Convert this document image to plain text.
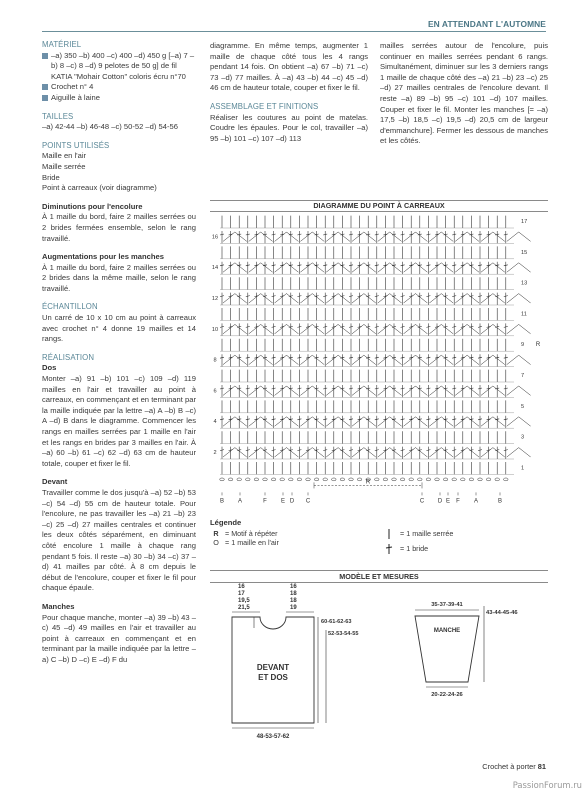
EN ATTENDANT L'AUTOMNE
MATÉRIEL
–a) 350 –b) 400 –c) 400 –d) 450 g [–a) 7 –b) 8 –c) 8 –d) 9 pelotes de 50 g] de fil KATIA "Mohair Cotton" coloris écru n°70
Crochet n° 4
Aiguille à laine
TAILLES
–a) 42-44 –b) 46-48 –c) 50-52 –d) 54-56
POINTS UTILISÉS
Maille en l'air
Maille serrée
Bride
Point à carreaux (voir diagramme)
Diminutions pour l'encolure

À 1 maille du bord, faire 2 mailles serrées ou 2 brides fermées ensemble, selon le rang travaillé.

Augmentations pour les manches

À 1 maille du bord, faire 2 mailles serrées ou 2 brides dans la même maille, selon le rang travaillé.

ÉCHANTILLON

Un carré de 10 x 10 cm au point à carreaux avec crochet n° 4 donne 19 mailles et 14 rangs.

RÉALISATION
Dos

Monter –a) 91 –b) 101 –c) 109 –d) 119 mailles en l'air et travailler au point à carreaux, en commençant et en terminant par la maille indiquée par la lettre –a) A –b) B –c) A –d) B dans le diagramme. Commencer les rangs en mailles serrées par 1 maille en l'air et les rangs en brides par 3 mailles en l'air. À –a) 60 –b) 61 –c) 62 –d) 63 cm de hauteur totale, couper et fixer le fil.

Devant

Travailler comme le dos jusqu'à –a) 52 –b) 53 –c) 54 –d) 55 cm de hauteur totale. Pour l'encolure, ne pas travailler les –a) 21 –b) 23 –c) 25 –d) 27 mailles centrales et continuer les deux côtés séparément, en diminuant côté encolure 1 maille à chaque rang pendant 5 fois. Il reste –a) 30 –b) 34 –c) 37 –d) 41 mailles par côté. À 8 cm depuis le début de l'encolure, couper et fixer le fil pour chaque épaule.

Manches

Pour chaque manche, monter –a) 39 –b) 43 –c) 45 –d) 49 mailles en l'air et travailler au point à carreaux en commençant et en terminant par la maille indiquée par la lettre –a) C –b) D –c) E –d) F du

diagramme. En même temps, augmenter 1 maille de chaque côté tous les 4 rangs pendant 14 fois. On obtient –a) 67 –b) 71 –c) 73 –d) 77 mailles. À –a) 43 –b) 44 –c) 45 –d) 46 cm de hauteur totale, couper et fixer le fil.

ASSEMBLAGE ET FINITIONS

Réaliser les coutures au point de matelas. Coudre les épaules. Pour le col, travailler –a) 95 –b) 101 –c) 107 –d) 113

mailles serrées autour de l'encolure, puis continuer en mailles serrées pendant 6 rangs. Simultanément, diminuer sur les 3 derniers rangs 1 maille de chaque côté des –a) 21 –b) 23 –c) 25 –d) 27 mailles centrales de l'encolure devant. Il reste –a) 89 –b) 95 –c) 101 –d) 107 mailles. Couper et fixer le fil. Monter les manches [= –a) 17,5 –b) 18,5 –c) 19,5 –d) 20,5 cm de largeur d'emmanchure]. Fermer les dessous de manches et les côtés.

DIAGRAMME DU POINT À CARREAUX
16
14
12
10
8
6
4
2
17
15
13
11
9
7
5
3
1
R
R
B A	F E D C	C D E F A	B
Légende
R = Motif à répéter
O = 1 maille en l'air
= 1 maille serrée
= 1 bride
MODÈLE ET MESURES
16
17
19,5
21,5
16
18
18
19
DEVANT
ET DOS
60-61-62-63
52-53-54-55
48-53-57-62
35-37-39-41
43-44-45-46
MANCHE
20-22-24-26
Crochet à porter 81
PassionForum.ru
